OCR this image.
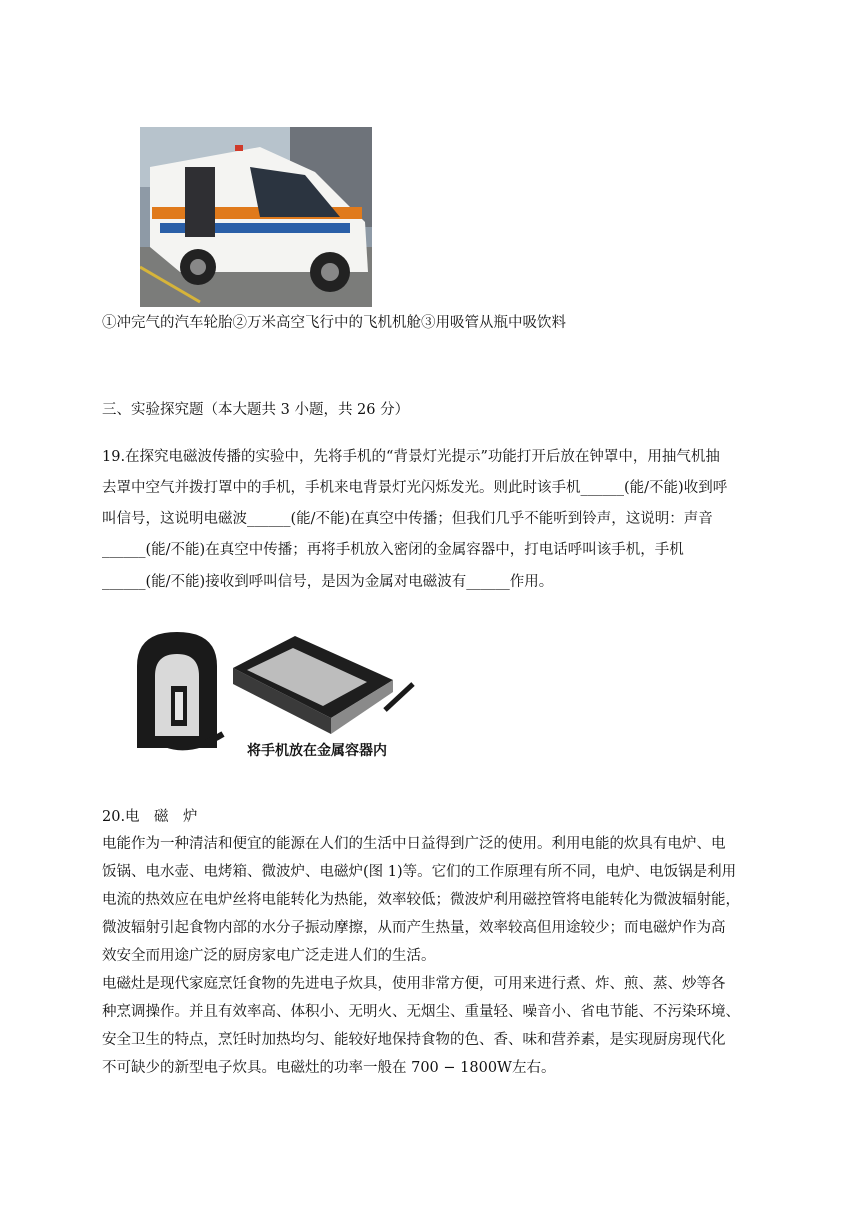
①冲完气的汽车轮胎②万米高空飞行中的飞机机舱③用吸管从瓶中吸饮料
三、实验探究题（本大题共 3 小题，共 26 分）
19.在探究电磁波传播的实验中，先将手机的“背景灯光提示”功能打开后放在钟罩中，用抽气机抽
去罩中空气并拨打罩中的手机，手机来电背景灯光闪烁发光。则此时该手机______(能/不能)收到呼
叫信号，这说明电磁波______(能/不能)在真空中传播；但我们几乎不能听到铃声，这说明：声音
______(能/不能)在真空中传播；再将手机放入密闭的金属容器中，打电话呼叫该手机，手机
______(能/不能)接收到呼叫信号，是因为金属对电磁波有______作用。
将手机放在金属容器内
20.电　磁　炉
电能作为一种清洁和便宜的能源在人们的生活中日益得到广泛的使用。利用电能的炊具有电炉、电
饭锅、电水壶、电烤箱、微波炉、电磁炉(图 1)等。它们的工作原理有所不同，电炉、电饭锅是利用
电流的热效应在电炉丝将电能转化为热能，效率较低；微波炉利用磁控管将电能转化为微波辐射能，
微波辐射引起食物内部的水分子振动摩擦，从而产生热量，效率较高但用途较少；而电磁炉作为高
效安全而用途广泛的厨房家电广泛走进人们的生活。
电磁灶是现代家庭烹饪食物的先进电子炊具，使用非常方便，可用来进行煮、炸、煎、蒸、炒等各
种烹调操作。并且有效率高、体积小、无明火、无烟尘、重量轻、噪音小、省电节能、不污染环境、
安全卫生的特点，烹饪时加热均匀、能较好地保持食物的色、香、味和营养素，是实现厨房现代化
不可缺少的新型电子炊具。电磁灶的功率一般在 700 − 1800W左右。
